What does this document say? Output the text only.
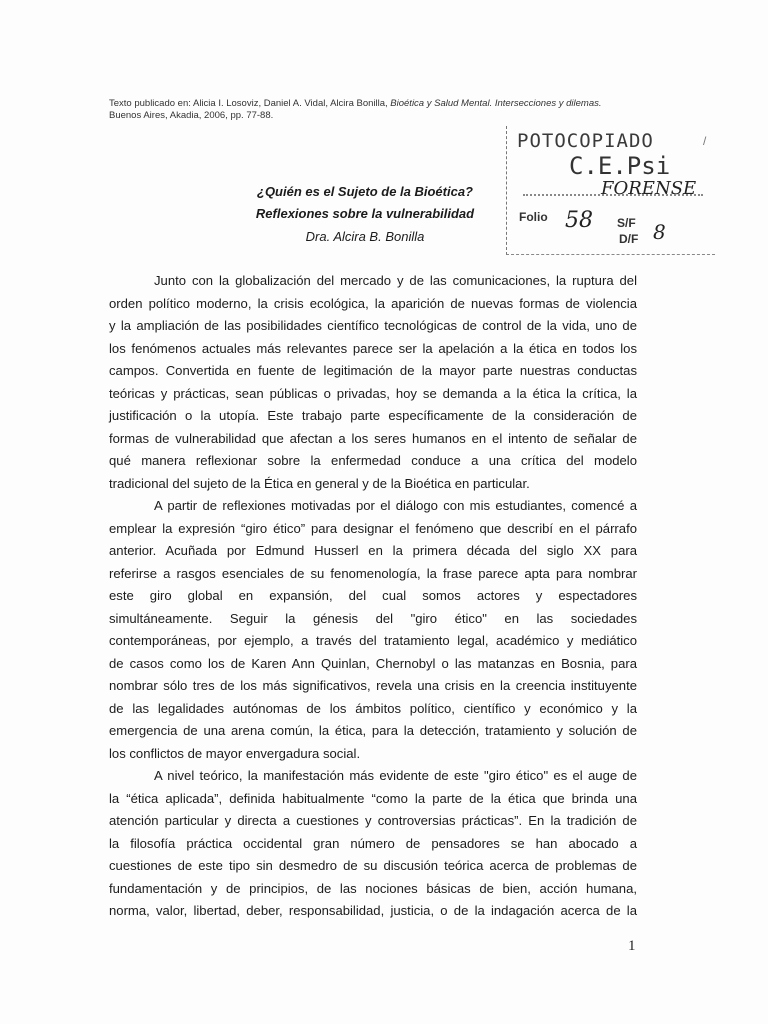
Texto publicado en: Alicia I. Losoviz, Daniel A. Vidal, Alcira Bonilla, Bioética y Salud Mental. Intersecciones y dilemas.
Buenos Aires, Akadia, 2006, pp. 77-88.
POTOCOPIADO	/
C.E.Psi
FORENSE
Folio 58 S/F
D/F 8
¿Quién es el Sujeto de la Bioética?
Reflexiones sobre la vulnerabilidad
Dra. Alcira B. Bonilla
Junto con la globalización del mercado y de las comunicaciones, la ruptura del
orden político moderno, la crisis ecológica, la aparición de nuevas formas de violencia
y la ampliación de las posibilidades científico tecnológicas de control de la vida, uno de
los fenómenos actuales más relevantes parece ser la apelación a la ética en todos los
campos. Convertida en fuente de legitimación de la mayor parte nuestras conductas
teóricas y prácticas, sean públicas o privadas, hoy se demanda a la ética la crítica, la
justificación o la utopía. Este trabajo parte específicamente de la consideración de
formas de vulnerabilidad que afectan a los seres humanos en el intento de señalar de
qué manera reflexionar sobre la enfermedad conduce a una crítica del modelo
tradicional del sujeto de la Ética en general y de la Bioética en particular.
A partir de reflexiones motivadas por el diálogo con mis estudiantes, comencé a
emplear la expresión “giro ético” para designar el fenómeno que describí en el párrafo
anterior. Acuñada por Edmund Husserl en la primera década del siglo XX para
referirse a rasgos esenciales de su fenomenología, la frase parece apta para nombrar
este giro global en expansión, del cual somos actores y espectadores
simultáneamente. Seguir la génesis del "giro ético" en las sociedades
contemporáneas, por ejemplo, a través del tratamiento legal, académico y mediático
de casos como los de Karen Ann Quinlan, Chernobyl o las matanzas en Bosnia, para
nombrar sólo tres de los más significativos, revela una crisis en la creencia instituyente
de las legalidades autónomas de los ámbitos político, científico y económico y la
emergencia de una arena común, la ética, para la detección, tratamiento y solución de
los conflictos de mayor envergadura social.
A nivel teórico, la manifestación más evidente de este "giro ético" es el auge de
la “ética aplicada”, definida habitualmente “como la parte de la ética que brinda una
atención particular y directa a cuestiones y controversias prácticas”. En la tradición de
la filosofía práctica occidental gran número de pensadores se han abocado a
cuestiones de este tipo sin desmedro de su discusión teórica acerca de problemas de
fundamentación y de principios, de las nociones básicas de bien, acción humana,
norma, valor, libertad, deber, responsabilidad, justicia, o de la indagación acerca de la
1
